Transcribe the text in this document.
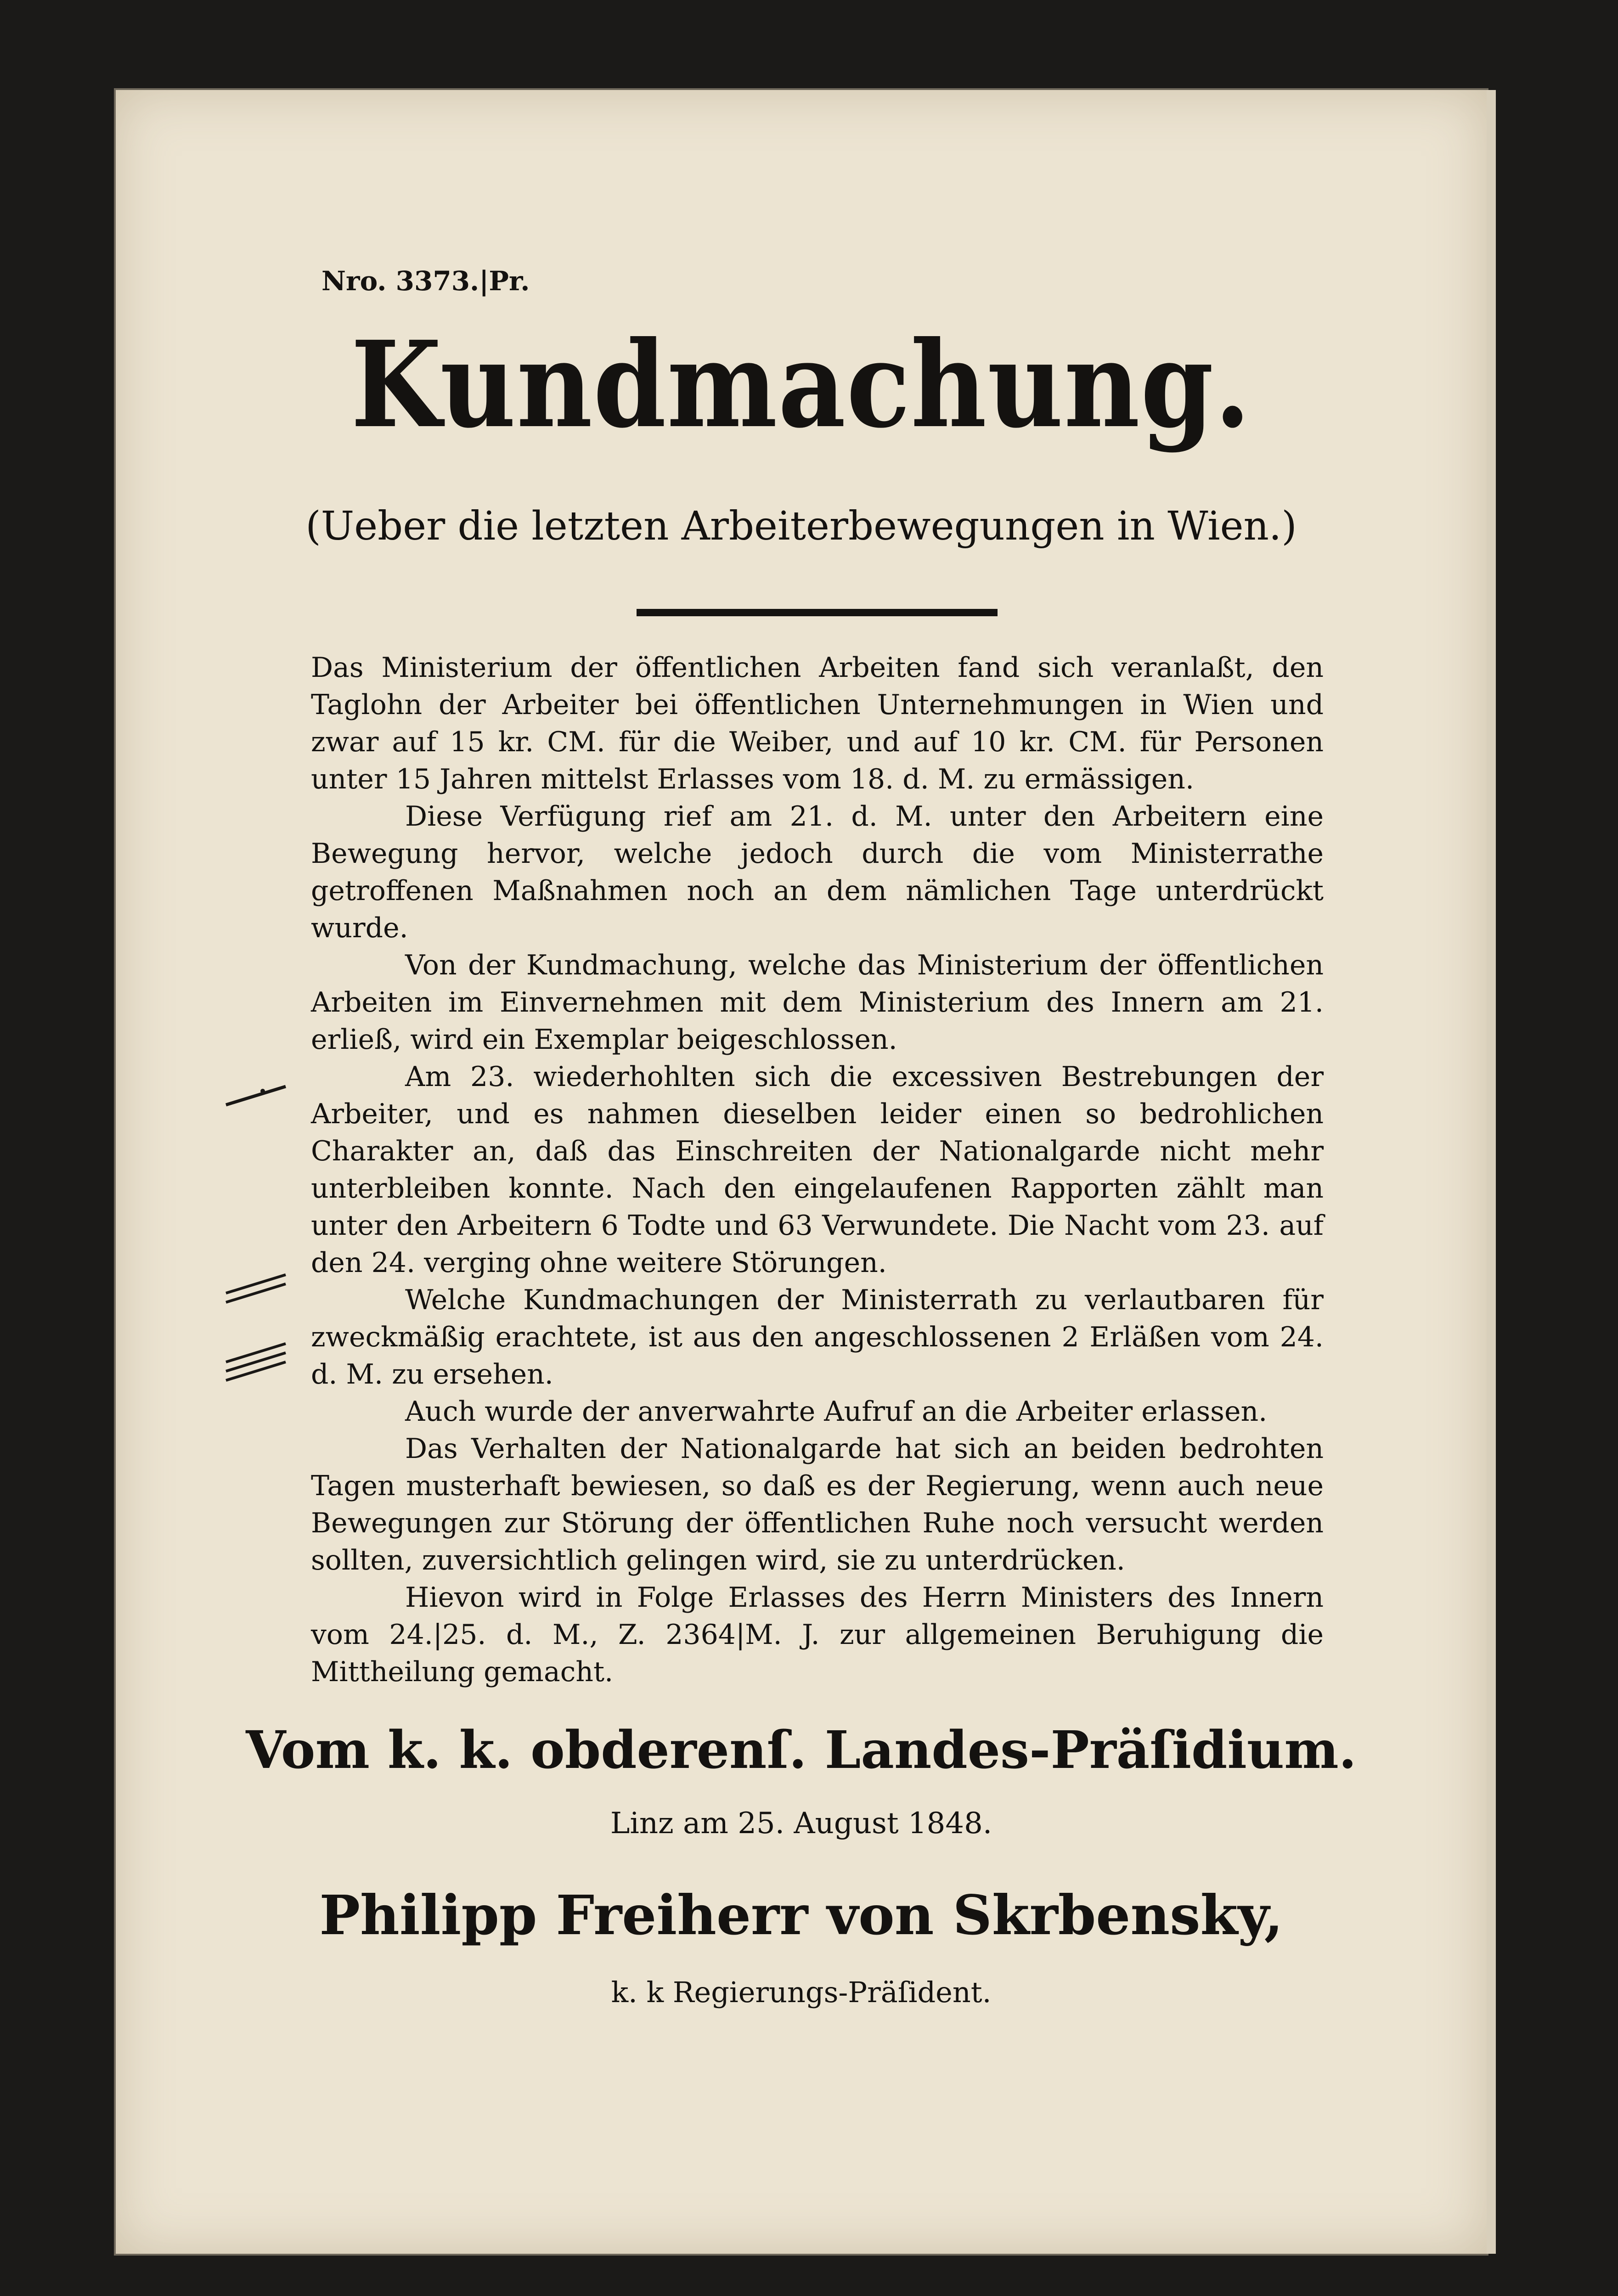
Nro. 3373.|Pr.
Kundmachung.
(Ueber die letzten Arbeiterbewegungen in Wien.)

Das Ministerium der öffentlichen Arbeiten fand sich veranlaßt, den Taglohn der Arbeiter bei öffentlichen Unternehmungen in Wien und zwar auf 15 kr. CM. für die Weiber, und auf 10 kr. CM. für Personen unter 15 Jahren mittelst Erlasses vom 18. d. M. zu ermässigen.

Diese Verfügung rief am 21. d. M. unter den Arbeitern eine Bewegung hervor, welche jedoch durch die vom Ministerrathe getroffenen Maßnahmen noch an dem nämlichen Tage unterdrückt wurde.

Von der Kundmachung, welche das Ministerium der öffentlichen Arbeiten im Einvernehmen mit dem Ministerium des Innern am 21. erließ, wird ein Exemplar beigeschlossen.

Am 23. wiederhohlten sich die excessiven Bestrebungen der Arbeiter, und es nahmen dieselben leider einen so bedrohlichen Charakter an, daß das Einschreiten der Nationalgarde nicht mehr unterbleiben konnte. Nach den eingelaufenen Rapporten zählt man unter den Arbeitern 6 Todte und 63 Verwundete. Die Nacht vom 23. auf den 24. verging ohne weitere Störungen.

Welche Kundmachungen der Ministerrath zu verlautbaren für zweckmäßig erachtete, ist aus den angeschlossenen 2 Erläßen vom 24. d. M. zu ersehen.

Auch wurde der anverwahrte Aufruf an die Arbeiter erlassen.

Das Verhalten der Nationalgarde hat sich an beiden bedrohten Tagen musterhaft bewiesen, so daß es der Regierung, wenn auch neue Bewegungen zur Störung der öffentlichen Ruhe noch versucht werden sollten, zuversichtlich gelingen wird, sie zu unterdrücken.

Hievon wird in Folge Erlasses des Herrn Ministers des Innern vom 24.|25. d. M., Z. 2364|M. J. zur allgemeinen Beruhigung die Mittheilung gemacht.

Vom k. k. obderenſ. Landes-Präſidium.
Linz am 25. August 1848.
Philipp Freiherr von Skrbensky,
k. k Regierungs-Präſident.
